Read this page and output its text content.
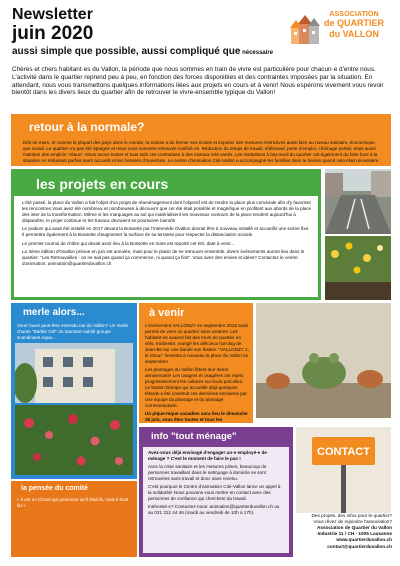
Newsletter
juin 2020
aussi simple que possible, aussi compliqué que nécessaire
Chères et chers habitant·es du Vallon, la période que nous sommes en train de vivre est particulière pour chacun·e d'entre nous. L'activité dans le quartier reprend peu à peu, en fonction des forces disponibles et des contraintes imposées par la situation. En attendant, nous vous transmettons quelques informations liées aux projets en cours et à venir! Nous espérons vivement vous revoir bientôt dans les divers lieux du quartier afin de retrouver le vivre-ensemble typique du Vallon!
ASSOCIATION
de QUARTIER
du VALLON
retour à la normale?
Dès mi-mars, et comme la plupart des pays dans le monde, la Suisse a du fermer ses écoles et imposer des mesures restrictives aussi bien au niveau sanitaire, économique que social. Le quartier n'a pas été épargné et nous nous sommes retrouvés confiné·es. Réduction du temps de travail, télétravail, perte d'emploi, chômage partiel, etats aussi maintien des emplois "vitaux". Nous avons toutes et tous subi ces contraintes à des niveaux très variés. Les institutions à bas seuil du quartier ont également du faire face à la situation en réduisant parfois leurs accueils et les horaires d'ouverture. Le centre d'animation Cité-Vallon a accompagné les familles dans le besoin quand cela était nécessaire.
les projets en cours

L'été passé, la place du Vallon a fait l'objet d'un projet de réaménagement dont l'objectif est de rendre la place plus conviviale afin d'y favoriser les rencontres.Vous avez été nombreux et nombreuses à découvrir que cet été était possible et magnifique en profitant aux abords de la place des inter de la transformation. Même si les marquages au sol qui matérialisent les nouveaux contours de la place tendent aujourd'hui à disparaître, le projet continue et les travaux devraient se poursuivre bientôt!

Le podium qui avait été installé en 2017 devant la Bossette par l'intermède Ovallon devrait être à nouveau installé et accueillir une scène fixe. Il permettra également à la Bossette d'augmenter la surface de sa terrasse pour respecter la distanciation sociale.

Le premier tournoi de chibre qui devait avoir lieu à la Bossette en mars est reporté cet été, date à venir...

La 3ème édition d'Ovallon prévue en juin est annulée, mais pour le plaisir de se retrouver ensemble, divers évènements auront lieu dans le quartier: "Les Retrouvailles - on ne sait pas quand ça commence, ni quand ça finit". Vous avez des envies et idées? Contactez le centre d'animation: animation@quartierduvallon.ch

merle alors...
Vous l'avez peut-être entendu rue du Vallon? Un merle chante "Barbie Girl" du tournant-oublié groupe scandinave Aqua...
à venir

L'évènement VALLONZY en septembre 2019 avait permis de vivre un quartier sans voitures. Les habitant·es avaient fait des tours de quartier en vélo, trottinette, mangé les délicieux hot-dog de Jean-Bo sur une bande son festive. "VALLONZY 2, le retour" investira à nouveau la place du Vallon en septembre!

Les plantages du Vallon fêtent leur 3ème anniversaire! Les usagers et usagères ont repris progressivement les cultures sur leurs parcelles. Le bassin biotope qui accueille déjà quelques têtards a été construit ces dernières semaines par une équipe du plantage et du plantage communautaire.

Un pique-nique canadien aura lieu le dimanche 28 juin, vous êtes toutes et tous les

info "tout ménage"

Avez-vous déjà envisagé d'engager un·e employé·e de ménage ? C'est le moment de faire le pas !

Avec la crise sanitaire et les mesures prises, beaucoup de personnes travaillant dans le nettoyage à domicile se sont retrouvées sans travail et donc sans revenu.

C'est pourquoi le Centre d'animation Cité-Vallon lance un appel à la solidarité! Nous pouvons vous mettre en contact avec des personnes de confiance qui cherchent du travail.

Intéressé·e? Contactez-nous: animation@quartierduvallon.ch ou au 021 312 44 46 (mardi au vendredi de 10h à 17h).

CONTACT
Des projets, des infos pour le quartier?
Vous rêvez de rejoindre l'association?
Association de Quartier du Vallon
Industrie 11 / CH - 1005 Lausanne
www.quartierduvallon.ch
contact@quartierduvallon.ch
la pensée du comité
« Il est un lézard qui personne qu'il était là, mais il était là! »
